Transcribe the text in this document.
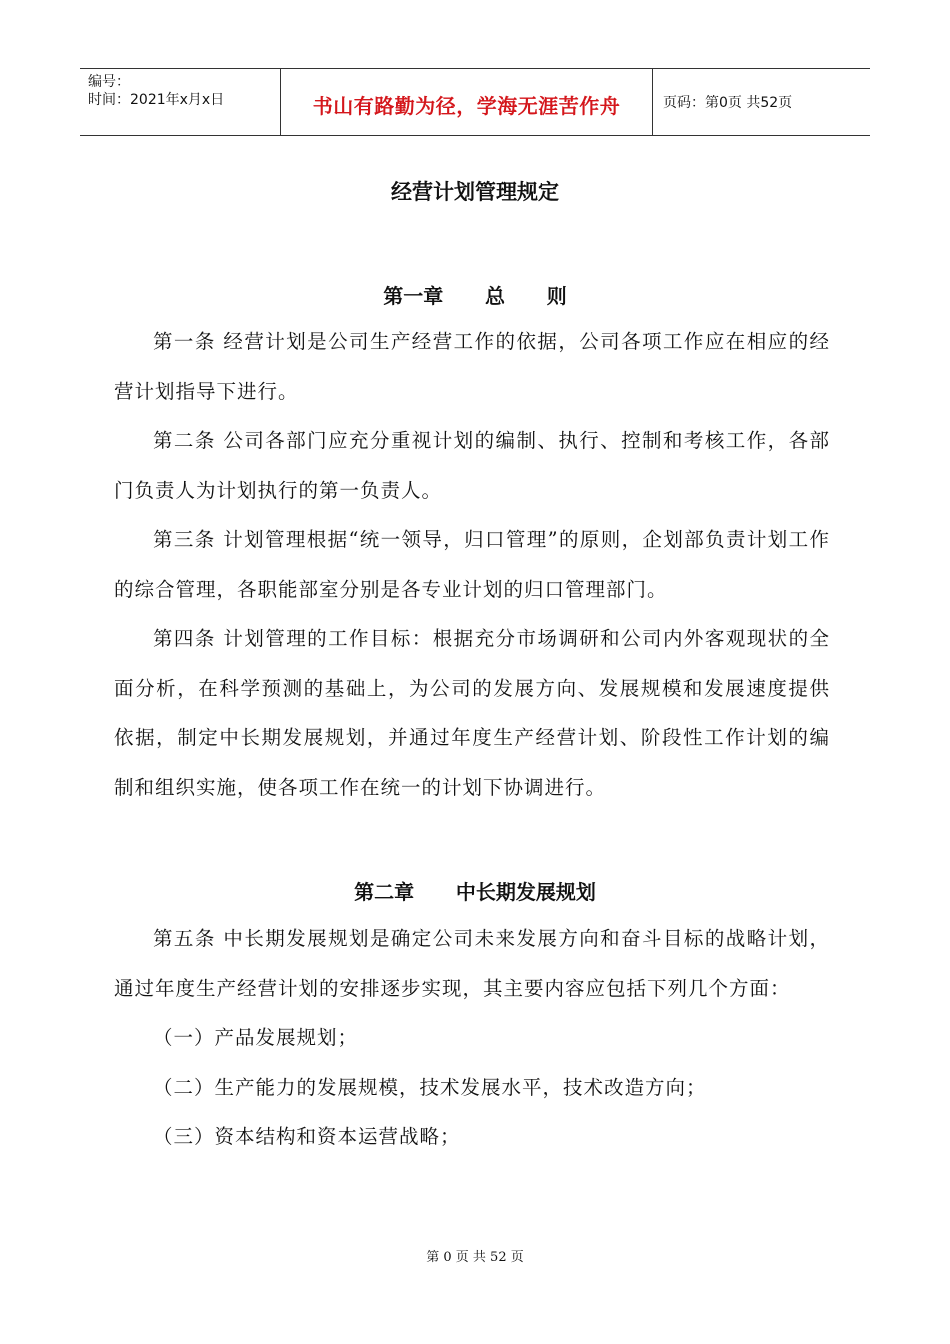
编号：
时间：2021年x月x日	书山有路勤为径，学海无涯苦作舟	页码：第0页 共52页
经营计划管理规定
第一章      总      则

第一条 经营计划是公司生产经营工作的依据，公司各项工作应在相应的经营计划指导下进行。

第二条 公司各部门应充分重视计划的编制、执行、控制和考核工作，各部门负责人为计划执行的第一负责人。

第三条 计划管理根据“统一领导，归口管理”的原则，企划部负责计划工作的综合管理，各职能部室分别是各专业计划的归口管理部门。

第四条 计划管理的工作目标：根据充分市场调研和公司内外客观现状的全面分析，在科学预测的基础上，为公司的发展方向、发展规模和发展速度提供依据，制定中长期发展规划，并通过年度生产经营计划、阶段性工作计划的编制和组织实施，使各项工作在统一的计划下协调进行。

第二章      中长期发展规划

第五条 中长期发展规划是确定公司未来发展方向和奋斗目标的战略计划，通过年度生产经营计划的安排逐步实现，其主要内容应包括下列几个方面：

（一）产品发展规划；

（二）生产能力的发展规模，技术发展水平，技术改造方向；

（三）资本结构和资本运营战略；

第 0 页 共 52 页
